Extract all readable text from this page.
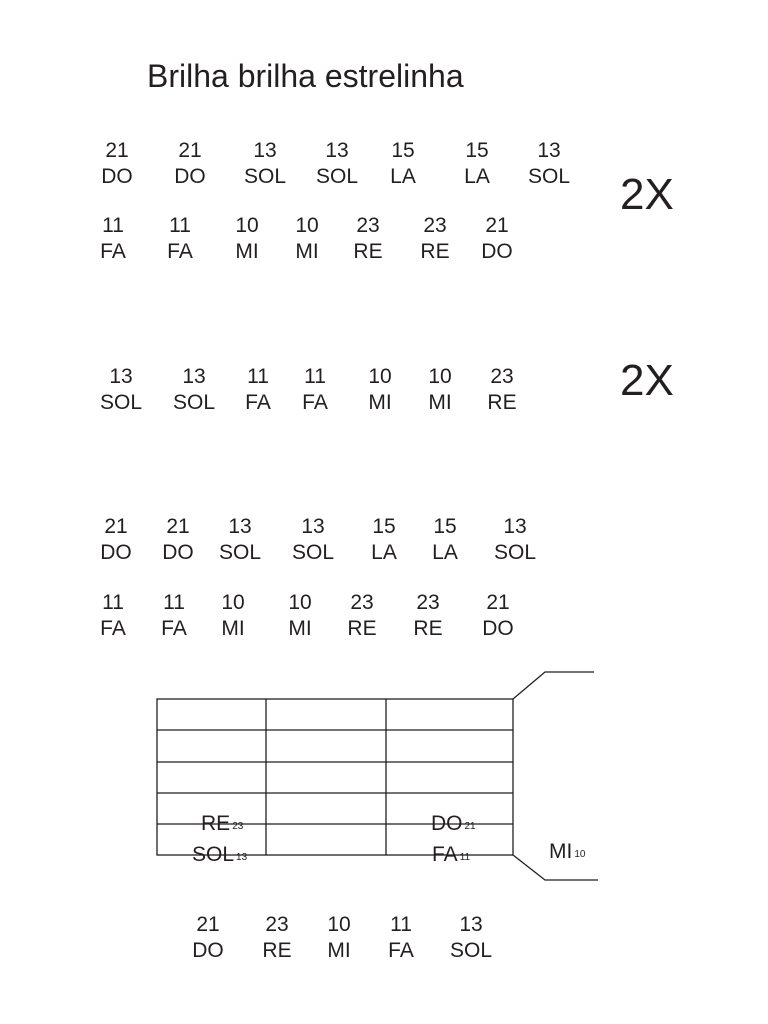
Brilha brilha estrelinha
21
DO
21
DO
13
SOL
13
SOL
15
LA
15
LA
13
SOL
11
FA
11
FA
10
MI
10
MI
23
RE
23
RE
21
DO
13
SOL
13
SOL
11
FA
11
FA
10
MI
10
MI
23
RE
21
DO
21
DO
13
SOL
13
SOL
15
LA
15
LA
13
SOL
11
FA
11
FA
10
MI
10
MI
23
RE
23
RE
21
DO
21
DO
23
RE
10
MI
11
FA
13
SOL
2X
2X
RE 23
SOL 13
DO 21
FA 11	MI 10
